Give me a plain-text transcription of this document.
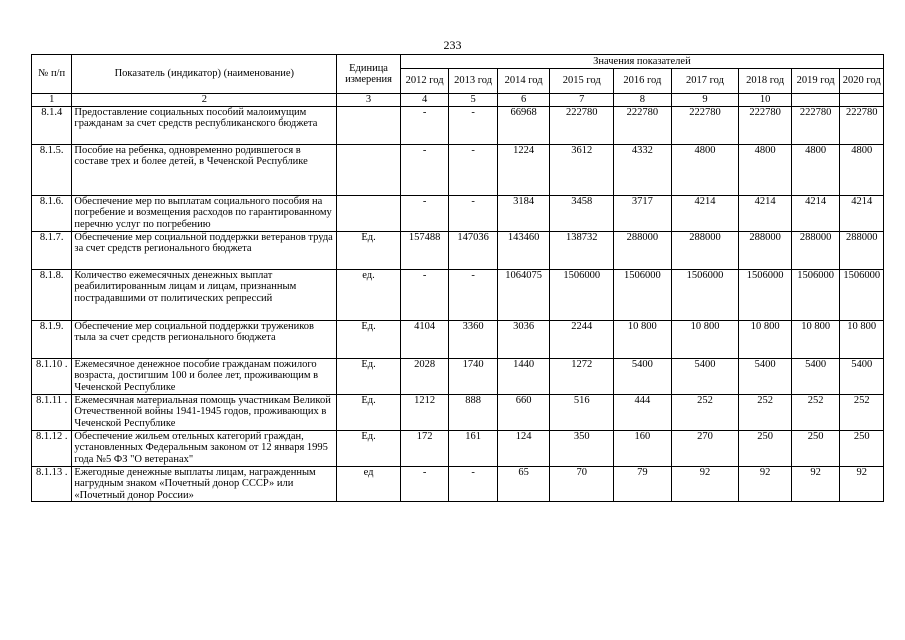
233
№ п/п	Показатель (индикатор) (наименование)	Единица измерения	Значения показателей								
			2012 год	2013 год	2014 год	2015 год	2016 год	2017 год	2018 год	2019 год	2020 год
1	2	3	4	5	6	7	8	9	10		
8.1.4	Предоставление социальных пособий малоимущим гражданам за счет средств республиканского бюджета		-	-	66968	222780	222780	222780	222780	222780	222780
8.1.5.	Пособие на ребенка, одновременно родившегося в составе трех и более детей, в Чеченской Республике		-	-	1224	3612	4332	4800	4800	4800	4800
8.1.6.	Обеспечение мер по выплатам социального пособия на погребение и возмещения расходов по гарантированному перечню услуг по погребению		-	-	3184	3458	3717	4214	4214	4214	4214
8.1.7.	Обеспечение мер социальной поддержки ветеранов труда за счет средств регионального бюджета	Ед.	157488	147036	143460	138732	288000	288000	288000	288000	288000
8.1.8.	Количество ежемесячных денежных выплат реабилитированным лицам и лицам, признанным пострадавшими от политических репрессий	ед.	-	-	1064075	1506000	1506000	1506000	1506000	1506000	1506000
8.1.9.	Обеспечение мер социальной поддержки тружеников тыла за счет средств регионального бюджета	Ед.	4104	3360	3036	2244	10 800	10 800	10 800	10 800	10 800
8.1.10 .	Ежемесячное денежное пособие гражданам пожилого возраста, достигшим 100 и более лет, проживающим в Чеченской Республике	Ед.	2028	1740	1440	1272	5400	5400	5400	5400	5400
8.1.11 .	Ежемесячная материальная помощь участникам Великой Отечественной войны 1941-1945 годов, проживающих в Чеченской Республике	Ед.	1212	888	660	516	444	252	252	252	252
8.1.12 .	Обеспечение жильем отельных категорий граждан, установленных Федеральным законом от 12 января 1995 года №5 ФЗ "О ветеранах"	Ед.	172	161	124	350	160	270	250	250	250
8.1.13 .	Ежегодные денежные выплаты лицам, награжденным нагрудным знаком «Почетный донор СССР» или «Почетный донор России»	ед	-	-	65	70	79	92	92	92	92
